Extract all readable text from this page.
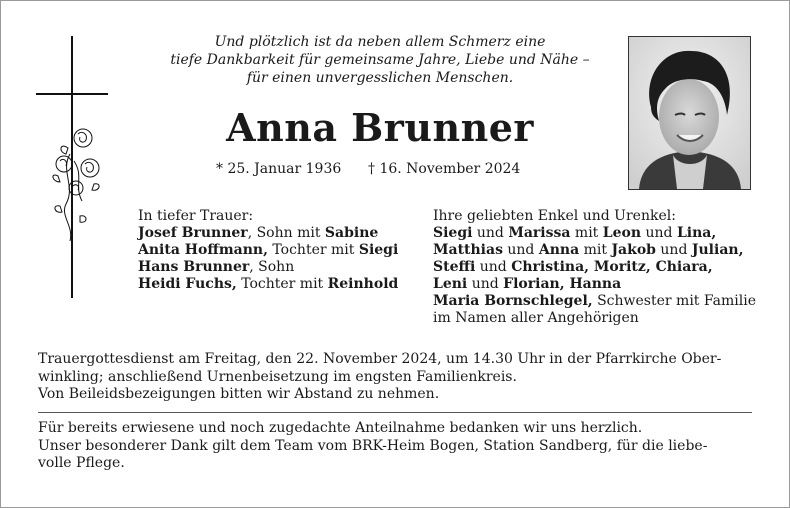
Und plötzlich ist da neben allem Schmerz eine
tiefe Dankbarkeit für gemeinsame Jahre, Liebe und Nähe –
für einen unvergesslichen Menschen.
Anna Brunner
* 25. Januar 1936 † 16. November 2024
In tiefer Trauer:
Josef Brunner, Sohn mit Sabine
Anita Hoffmann, Tochter mit Siegi
Hans Brunner, Sohn
Heidi Fuchs, Tochter mit Reinhold
Ihre geliebten Enkel und Urenkel:
Siegi und Marissa mit Leon und Lina,
Matthias und Anna mit Jakob und Julian,
Steffi und Christina, Moritz, Chiara,
Leni und Florian, Hanna
Maria Bornschlegel, Schwester mit Familie
im Namen aller Angehörigen
Trauergottesdienst am Freitag, den 22. November 2024, um 14.30 Uhr in der Pfarrkirche Ober-
winkling; anschließend Urnenbeisetzung im engsten Familienkreis.
Von Beileidsbezeigungen bitten wir Abstand zu nehmen.
Für bereits erwiesene und noch zugedachte Anteilnahme bedanken wir uns herzlich.
Unser besonderer Dank gilt dem Team vom BRK-Heim Bogen, Station Sandberg, für die liebe-
volle Pflege.
